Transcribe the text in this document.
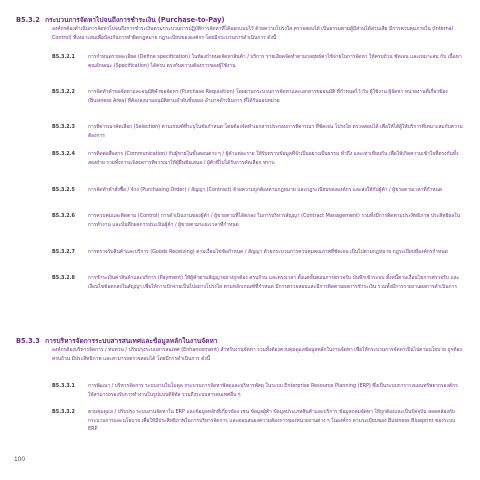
B5.3.2 กระบวนการจัดหาไปจนถึงการชำระเงิน (Purchase-to-Pay)
องค์กรต้องดำเนินการจัดหาไปจนถึงการชำระเงินตามกระบวนการปฏิบัติการจัดหาที่ได้ออกแบบไว้ ด้วยความโปร่งใส ตรวจสอบได้ เป็นธรรมตามผู้มีส่วนได้ส่วนเสีย มีการควบคุมภายใน (Internal Control) ที่เหมาะสมเพื่อป้องกันการทำผิดกฎหมาย กฎระเบียบขององค์กร โดยมีกระบวนการดำเนินการ ดังนี้
B5.3.2.1	การกำหนดรายละเอียด (Define specification) ในท้องกำหนดจัดหาสินค้า / บริการ รายเอียดจัดทำตามกลยุทธ์ค่าใช้จ่ายในการจัดหา ให้ครบถ้วน ชัดเจน และเหมาะสม กับ เนื้อหาคุณลักษณะ (Specification) ได้ครบ ตรงกับความต้องการของผู้ใช้งาน
B5.3.2.2	การจัดทำคำขอจัดหาและอนุมัติคำขอจัดหา (Purchase Requisition) โดยผ่านกระบวนการจัดหาและเอกสารขออนุมัติ ที่กำหนดไว้ กับ ผู้ใช้งาน ผู้จัดหา หน่วยงานที่เกี่ยวข้อง (Business Area) ที่ต้องลงนามอนุมัติตามลำดับชั้นของ อำนาจดำเนินการ ที่ได้รับมอบหมาย
B5.3.2.3	การพิจารณาคัดเลือก (Selection) ตามเกณฑ์ที่ระบุในข้อกำหนด โดยต้องจัดทำเอกสารประกอบการพิจารณา ที่ชัดเจน โปร่งใส ตรวจสอบได้ เพื่อให้ได้ผู้ให้บริการที่เหมาะสมกับความต้องการ
B5.3.2.4	การติดต่อสื่อสาร (Communication) กับผู้ขายในขั้นตอนต่าง ๆ / ผู้ค้าแต่ละราย ให้รับทราบข้อมูลที่จำเป็นอย่างเป็นธรรม ทั่วถึง และเท่าเทียมกัน เพื่อให้เกิดความเข้าใจที่ตรงกันทั้งสองฝ่าย รวมทั้งการแจ้งผลการพิจารณาให้ผู้ยื่นข้อเสนอ / ผู้ค้าที่ไม่ได้รับการคัดเลือก ทราบ
B5.3.2.5	การจัดทำคำสั่งซื้อ / จ้าง (Purchasing Order) / สัญญา (Contract) ด้วยความถูกต้องตามกฎหมาย และกฎระเบียบขององค์กร และส่งให้กับผู้ค้า / ผู้ขายตามเวลาที่กำหนด
B5.3.2.6	การควบคุมและติดตาม (Control) การดำเนินงานของผู้ค้า / ผู้ขายตามที่ได้ตกลง ในการบริหารสัญญา (Contract Management) รวมทั้งมีการติดตามประสิทธิภาพ ประสิทธิผลในการทำงาน และบันทึกผลการประเมินผู้ค้า / ผู้ขายตามระยะเวลาที่กำหนด
B5.3.2.7	การตรวจรับสินค้าและบริการ (Goods Receiving) ตามเงื่อนไขข้อกำหนด / สัญญา ด้วยกระบวนการควบคุมคุณภาพที่ชัดเจน เป็นไปตามกฎหมาย กฎระเบียบที่องค์กรกำหนด
B5.3.2.8	การชำระเงินค่าสินค้าและบริการ (Payment) ให้ผู้ค้าตามสัญญาอย่างถูกต้อง ครบถ้วน และตรงเวลา ตั้งแต่ขั้นตอนการตรวจรับ บันทึกเข้าระบบ ตั้งหนี้ตามเงื่อนไขการตรวจรับ และเงื่อนไขข้อตกลงในสัญญา เพื่อให้การเบิกจ่ายเป็นไปอย่างโปร่งใส ตามหลักเกณฑ์ที่กำหนด มีการตรวจสอบและมีการติดตามผลการชำระเงิน รวมทั้งมีการรายงานผลการดำเนินการ
B5.3.3 การบริหารจัดการระบบสารสนเทศและข้อมูลหลักในงานจัดหา
องค์กรต้องบริหารจัดการ / ทบทวน / ปรับปรุงระบบสารสนเทศ (Enhancement) สำหรับงานจัดหา รวมทั้งต้องควบคุมดูแลข้อมูลหลักในงานจัดหา เพื่อให้กระบวนการจัดหาเป็นไปตามนโยบาย ถูกต้อง ครบถ้วน มีประสิทธิภาพ และสามารถตรวจสอบได้ โดยมีการดำเนินการ ดังนี้
B5.3.3.1	การพัฒนา / บริหารจัดการ ระบบงานในโมดูล กระบวนการจัดหาพัสดุและบริหารพัสดุ ในระบบ Enterprise Resource Planning (ERP) ซึ่งเป็นระบบการวางแผนทรัพยากรองค์กร ให้สามารถรองรับการทำงานในรูปแบบดิจิทัล รวมถึงระบบสารสนเทศอื่น ๆ
B5.3.3.2	ควบคุมดูแล / ปรับปรุง ระบบงานจัดหาใน ERP และข้อมูลหลักที่เกี่ยวข้อง เช่น ข้อมูลผู้ค้า ข้อมูลประเภทสินค้าและบริการ ข้อมูลกลุ่มจัดหา ให้ถูกต้องและเป็นปัจจุบัน สอดคล้องกับกระบวนการและนโยบาย เพื่อให้มีประสิทธิภาพในการบริหารจัดการ และตอบสนองความต้องการของหน่วยงานต่าง ๆ ในองค์กร ตามระเบียบของ Business Blueprint ของระบบ ERP
100
